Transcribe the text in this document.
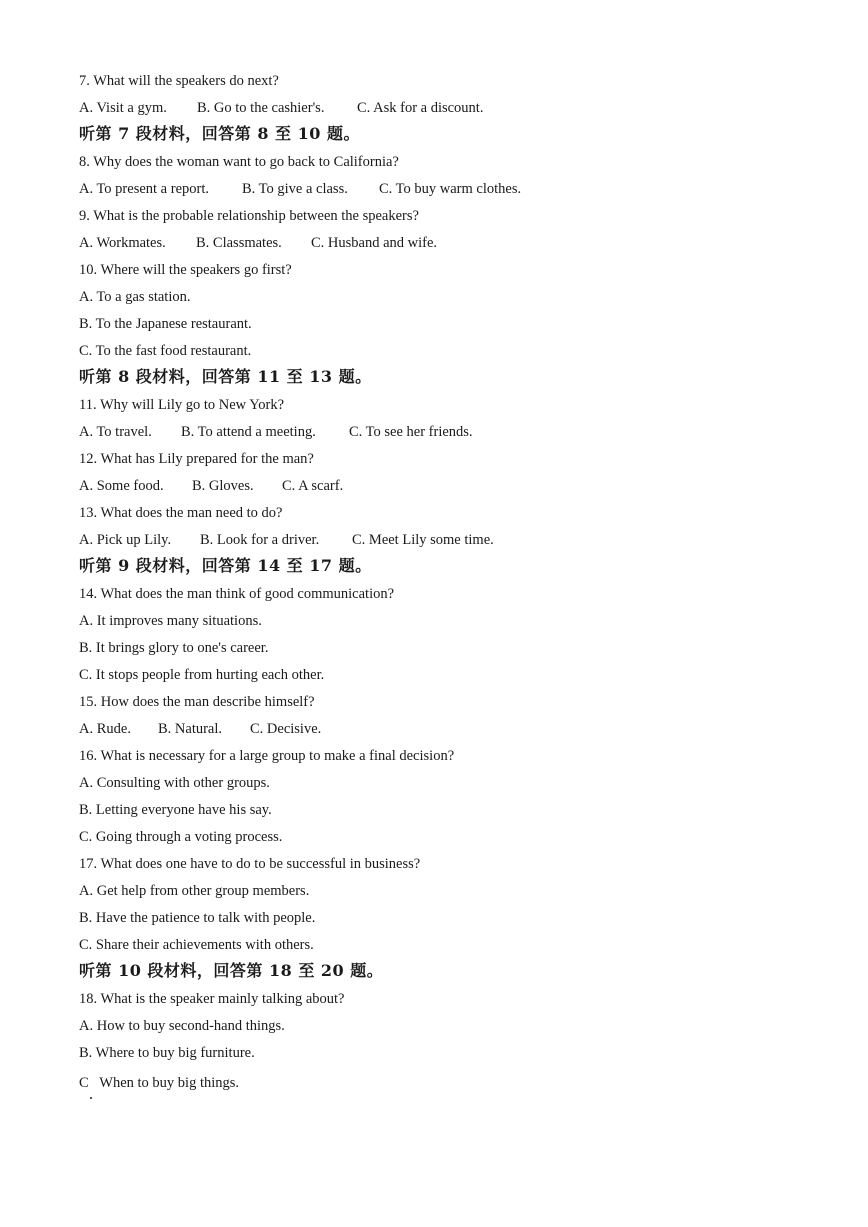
7. What will the speakers do next?
A. Visit a gym. B. Go to the cashier's. C. Ask for a discount.
听第 7 段材料，回答第 8 至 10 题。
8. Why does the woman want to go back to California?
A. To present a report. B. To give a class. C. To buy warm clothes.
9. What is the probable relationship between the speakers?
A. Workmates. B. Classmates. C. Husband and wife.
10. Where will the speakers go first?
A. To a gas station.
B. To the Japanese restaurant.
C. To the fast food restaurant.
听第 8 段材料，回答第 11 至 13 题。
11. Why will Lily go to New York?
A. To travel. B. To attend a meeting. C. To see her friends.
12. What has Lily prepared for the man?
A. Some food. B. Gloves. C. A scarf.
13. What does the man need to do?
A. Pick up Lily. B. Look for a driver. C. Meet Lily some time.
听第 9 段材料，回答第 14 至 17 题。
14. What does the man think of good communication?
A. It improves many situations.
B. It brings glory to one's career.
C. It stops people from hurting each other.
15. How does the man describe himself?
A. Rude. B. Natural. C. Decisive.
16. What is necessary for a large group to make a final decision?
A. Consulting with other groups.
B. Letting everyone have his say.
C. Going through a voting process.
17. What does one have to do to be successful in business?
A. Get help from other group members.
B. Have the patience to talk with people.
C. Share their achievements with others.
听第 10 段材料，回答第 18 至 20 题。
18. What is the speaker mainly talking about?
A. How to buy second-hand things.
B. Where to buy big furniture.
C   When to buy big things.
